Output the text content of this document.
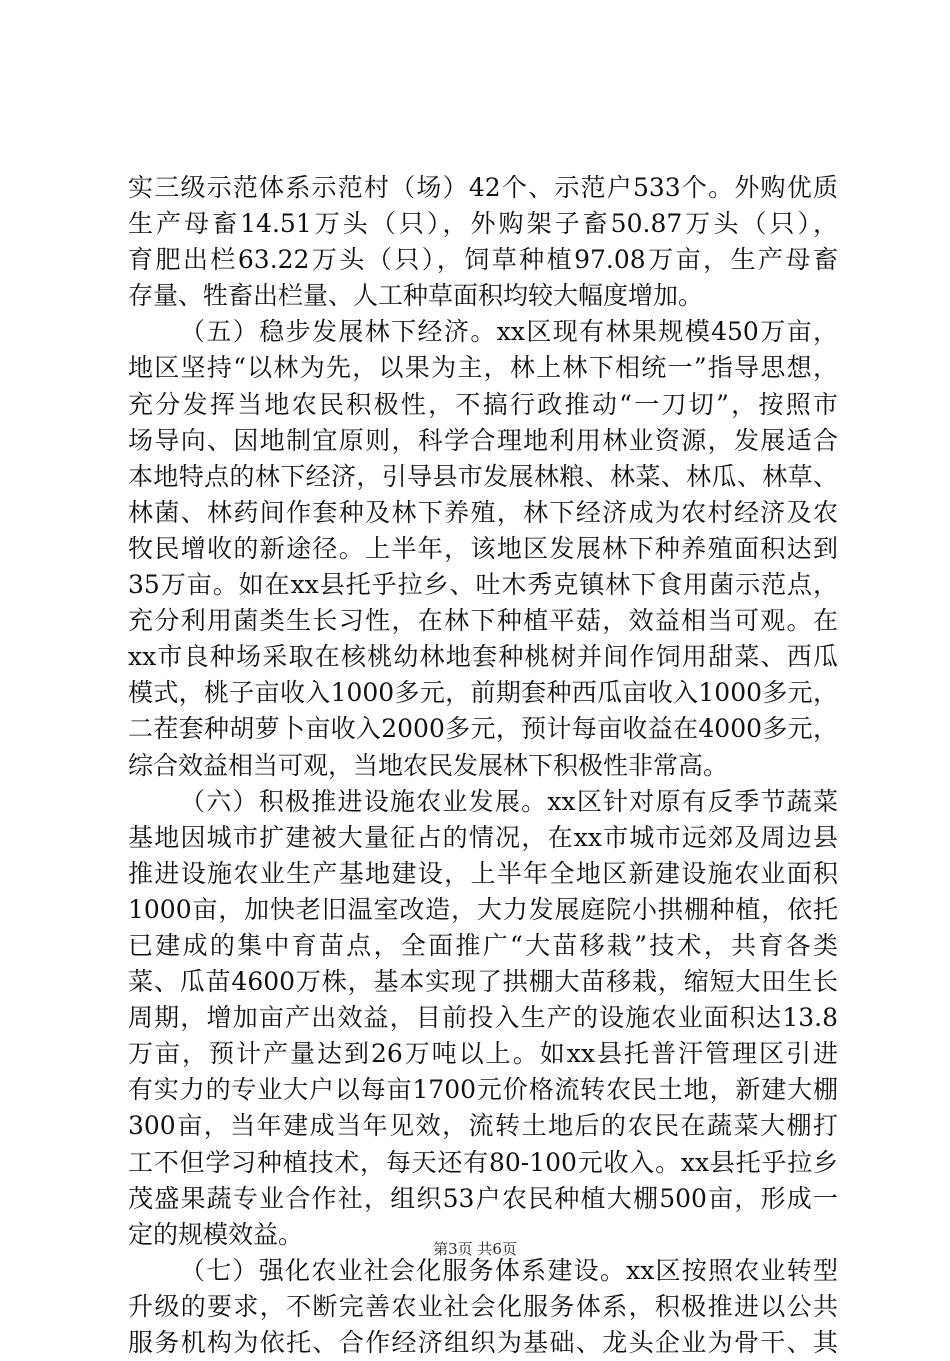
实三级示范体系示范村（场）42个、示范户533个。外购优质
生产母畜14.51万头（只），外购架子畜50.87万头（只），
育肥出栏63.22万头（只），饲草种植97.08万亩，生产母畜
存量、牲畜出栏量、人工种草面积均较大幅度增加。
（五）稳步发展林下经济。xx区现有林果规模450万亩，
地区坚持“以林为先，以果为主，林上林下相统一”指导思想，
充分发挥当地农民积极性，不搞行政推动“一刀切”，按照市
场导向、因地制宜原则，科学合理地利用林业资源，发展适合
本地特点的林下经济，引导县市发展林粮、林菜、林瓜、林草、
林菌、林药间作套种及林下养殖，林下经济成为农村经济及农
牧民增收的新途径。上半年，该地区发展林下种养殖面积达到
35万亩。如在xx县托乎拉乡、吐木秀克镇林下食用菌示范点，
充分利用菌类生长习性，在林下种植平菇，效益相当可观。在
xx市良种场采取在核桃幼林地套种桃树并间作饲用甜菜、西瓜
模式，桃子亩收入1000多元，前期套种西瓜亩收入1000多元，
二茬套种胡萝卜亩收入2000多元，预计每亩收益在4000多元，
综合效益相当可观，当地农民发展林下积极性非常高。
（六）积极推进设施农业发展。xx区针对原有反季节蔬菜
基地因城市扩建被大量征占的情况，在xx市城市远郊及周边县
推进设施农业生产基地建设，上半年全地区新建设施农业面积
1000亩，加快老旧温室改造，大力发展庭院小拱棚种植，依托
已建成的集中育苗点，全面推广“大苗移栽”技术，共育各类
菜、瓜苗4600万株，基本实现了拱棚大苗移栽，缩短大田生长
周期，增加亩产出效益，目前投入生产的设施农业面积达13.8
万亩，预计产量达到26万吨以上。如xx县托普汗管理区引进
有实力的专业大户以每亩1700元价格流转农民土地，新建大棚
300亩，当年建成当年见效，流转土地后的农民在蔬菜大棚打
工不但学习种植技术，每天还有80-100元收入。xx县托乎拉乡
茂盛果蔬专业合作社，组织53户农民种植大棚500亩，形成一
定的规模效益。
（七）强化农业社会化服务体系建设。xx区按照农业转型
升级的要求，不断完善农业社会化服务体系，积极推进以公共
服务机构为依托、合作经济组织为基础、龙头企业为骨干、其
第3页 共6页
